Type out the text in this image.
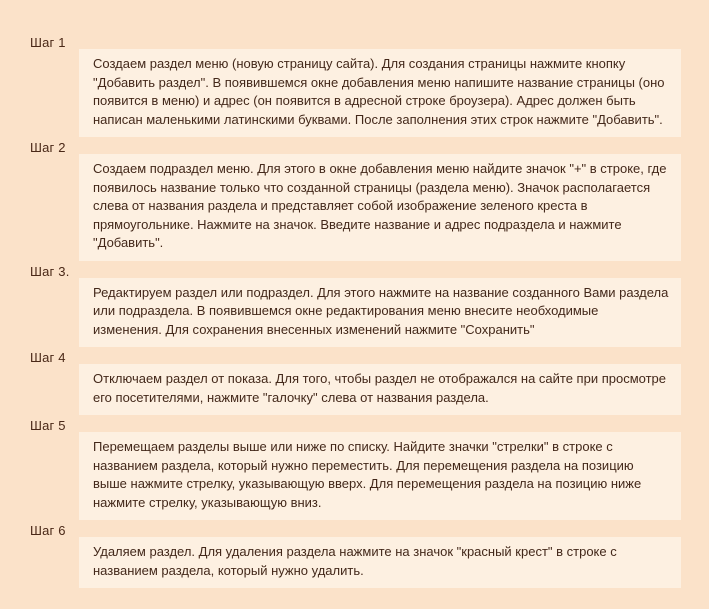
Шаг 1
Создаем раздел меню (новую страницу сайта). Для создания страницы нажмите кнопку "Добавить раздел". В появившемся окне добавления меню напишите название страницы (оно появится в меню) и адрес (он появится в адресной строке броузера). Адрес должен быть написан маленькими латинскими буквами. После заполнения этих строк нажмите "Добавить".
Шаг 2
Создаем подраздел меню. Для этого в окне добавления меню найдите значок "+" в строке, где появилось название только что созданной страницы (раздела меню). Значок располагается слева от названия раздела и представляет собой изображение зеленого креста в прямоугольнике. Нажмите на значок. Введите название и адрес подраздела и нажмите "Добавить".
Шаг 3.
Редактируем раздел или подраздел. Для этого нажмите на название созданного Вами раздела или подраздела. В появившемся окне редактирования меню внесите необходимые изменения. Для сохранения внесенных изменений нажмите "Сохранить"
Шаг 4
Отключаем раздел от показа. Для того, чтобы раздел не отображался на сайте при просмотре его посетителями, нажмите "галочку" слева от названия раздела.
Шаг 5
Перемещаем разделы выше или ниже по списку. Найдите значки "стрелки" в строке с названием раздела, который нужно переместить. Для перемещения раздела на позицию выше нажмите стрелку, указывающую вверх. Для перемещения раздела на позицию ниже нажмите стрелку, указывающую вниз.
Шаг 6
Удаляем раздел. Для удаления раздела нажмите на значок "красный крест" в строке с названием раздела, который нужно удалить.
